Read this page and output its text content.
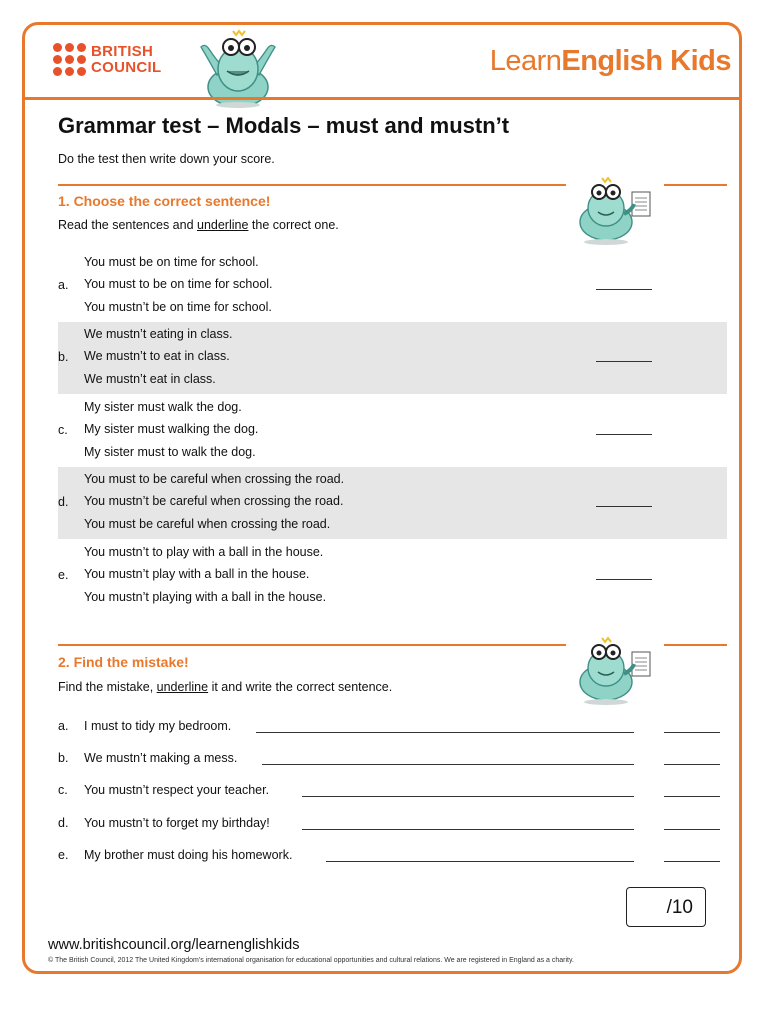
BRITISH
COUNCIL	LearnEnglish Kids
Grammar test – Modals – must and mustn’t
Do the test then write down your score.
1. Choose the correct sentence!
Read the sentences and underline the correct one.
a.
You must be on time for school.
You must to be on time for school.
You mustn’t be on time for school.
b.
We mustn’t eating in class.
We mustn’t to eat in class.
We mustn’t eat in class.
c.
My sister must walk the dog.
My sister must walking the dog.
My sister must to walk the dog.
d.
You must to be careful when crossing the road.
You mustn’t be careful when crossing the road.
You must be careful when crossing the road.
e.
You mustn’t to play with a ball in the house.
You mustn’t play with a ball in the house.
You mustn’t playing with a ball in the house.
2. Find the mistake!
Find the mistake, underline it and write the correct sentence.
a. I must to tidy my bedroom.
b. We mustn’t making a mess.
c. You mustn’t respect your teacher.
d. You mustn’t to forget my birthday!
e. My brother must doing his homework.
/10
www.britishcouncil.org/learnenglishkids
© The British Council, 2012 The United Kingdom’s international organisation for educational opportunities and cultural relations. We are registered in England as a charity.
